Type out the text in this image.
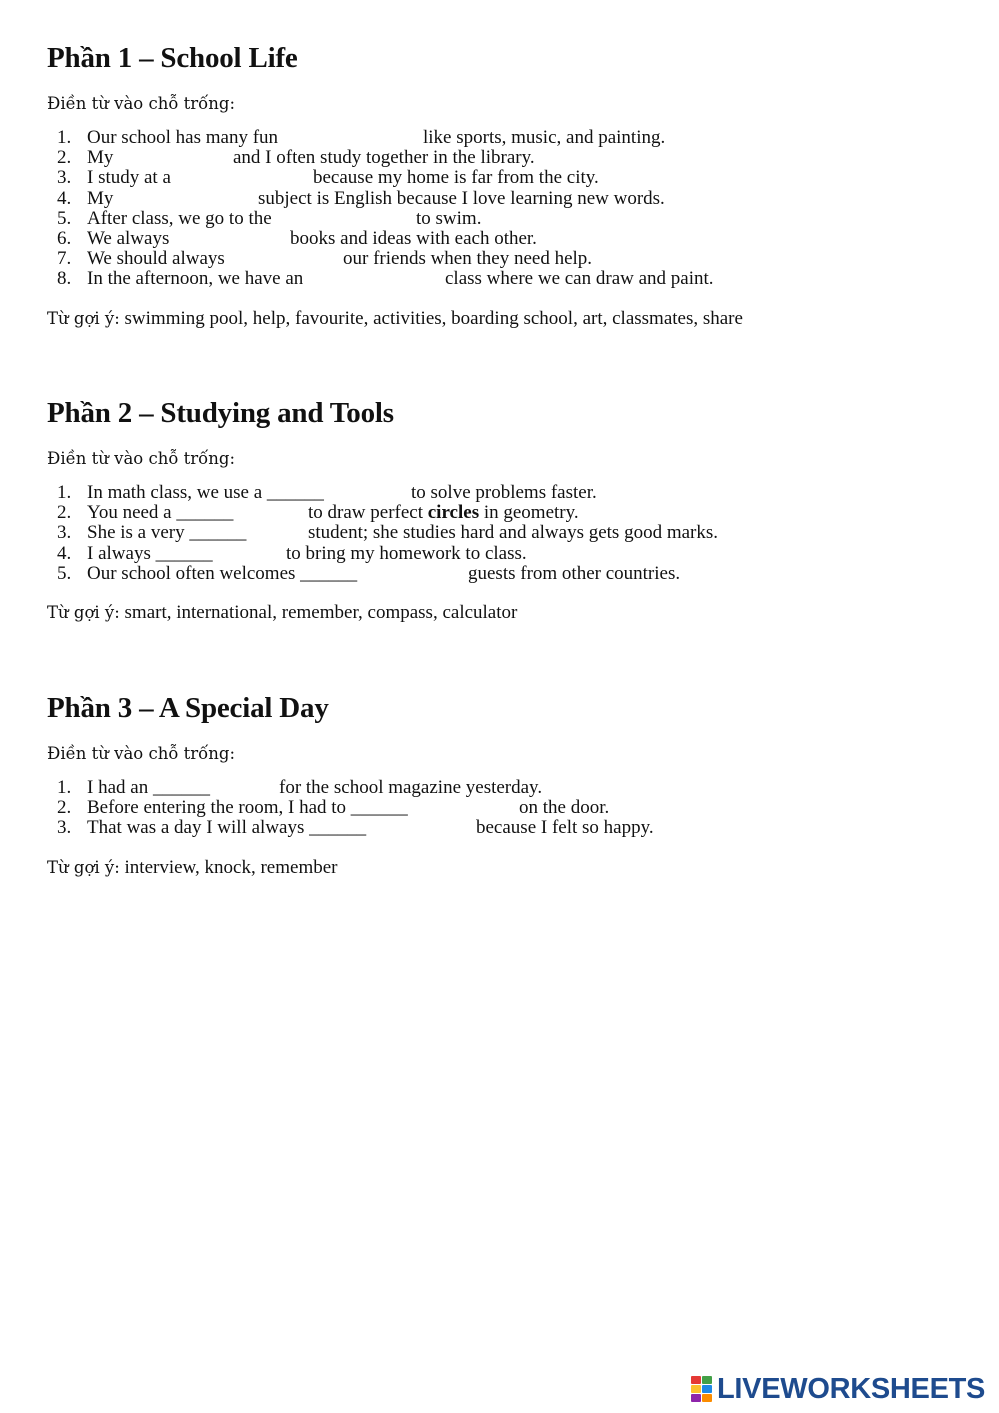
Phần 1 – School Life

Điền từ vào chỗ trống:

1. Our school has many fun	like sports, music, and painting.
2. My	and I often study together in the library.
3. I study at a	because my home is far from the city.
4. My	subject is English because I love learning new words.
5. After class, we go to the	to swim.
6. We always	books and ideas with each other.
7. We should always	our friends when they need help.
8. In the afternoon, we have an	class where we can draw and paint.

Từ gợi ý: swimming pool, help, favourite, activities, boarding school, art, classmates, share

Phần 2 – Studying and Tools

Điền từ vào chỗ trống:

1. In math class, we use a ______	to solve problems faster.
2. You need a ______	to draw perfect circles in geometry.
3. She is a very ______	student; she studies hard and always gets good marks.
4. I always ______	to bring my homework to class.
5. Our school often welcomes ______	guests from other countries.

Từ gợi ý: smart, international, remember, compass, calculator

Phần 3 – A Special Day

Điền từ vào chỗ trống:

1. I had an ______	for the school magazine yesterday.
2. Before entering the room, I had to ______	on the door.
3. That was a day I will always ______	because I felt so happy.

Từ gợi ý: interview, knock, remember

LIVEWORKSHEETS
